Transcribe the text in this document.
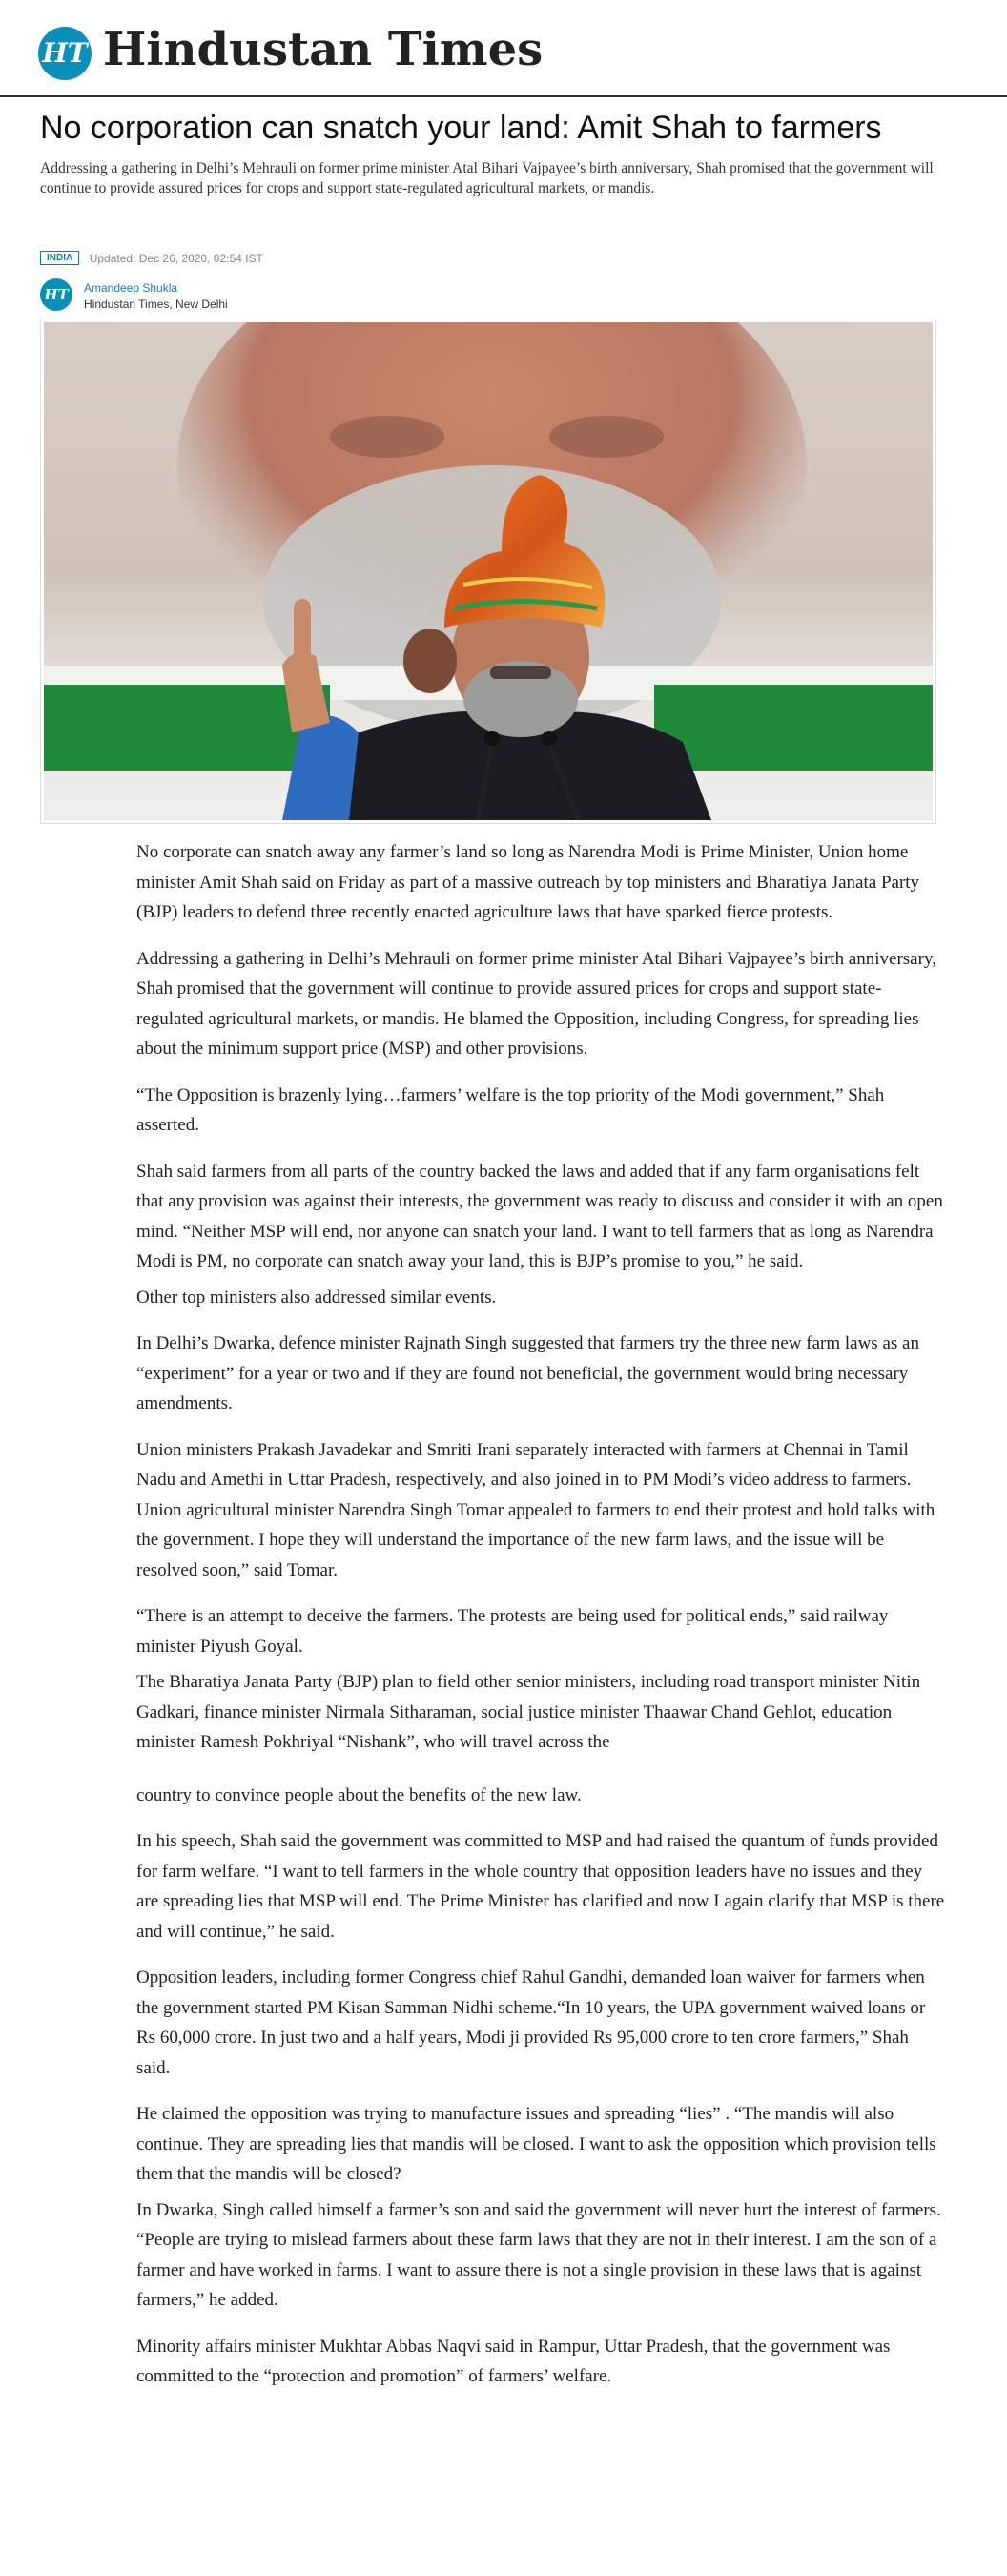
HT Hindustan Times
No corporation can snatch your land: Amit Shah to farmers

Addressing a gathering in Delhi’s Mehrauli on former prime minister Atal Bihari Vajpayee’s birth anniversary, Shah promised that the government will continue to provide assured prices for crops and support state-regulated agricultural markets, or mandis.

INDIA Updated: Dec 26, 2020, 02:54 IST
HT	Amandeep Shukla
Hindustan Times, New Delhi

No corporate can snatch away any farmer’s land so long as Narendra Modi is Prime Minister, Union home minister Amit Shah said on Friday as part of a massive outreach by top ministers and Bharatiya Janata Party (BJP) leaders to defend three recently enacted agriculture laws that have sparked fierce protests.

Addressing a gathering in Delhi’s Mehrauli on former prime minister Atal Bihari Vajpayee’s birth anniversary, Shah promised that the government will continue to provide assured prices for crops and support state-regulated agricultural markets, or mandis. He blamed the Opposition, including Congress, for spreading lies about the minimum support price (MSP) and other provisions.

“The Opposition is brazenly lying…farmers’ welfare is the top priority of the Modi government,” Shah asserted.

Shah said farmers from all parts of the country backed the laws and added that if any farm organisations felt that any provision was against their interests, the government was ready to discuss and consider it with an open mind. “Neither MSP will end, nor anyone can snatch your land. I want to tell farmers that as long as Narendra Modi is PM, no corporate can snatch away your land, this is BJP’s promise to you,” he said.

Other top ministers also addressed similar events.

In Delhi’s Dwarka, defence minister Rajnath Singh suggested that farmers try the three new farm laws as an “experiment” for a year or two and if they are found not beneficial, the government would bring necessary amendments.

Union ministers Prakash Javadekar and Smriti Irani separately interacted with farmers at Chennai in Tamil Nadu and Amethi in Uttar Pradesh, respectively, and also joined in to PM Modi’s video address to farmers. Union agricultural minister Narendra Singh Tomar appealed to farmers to end their protest and hold talks with the government. I hope they will understand the importance of the new farm laws, and the issue will be resolved soon,” said Tomar.

“There is an attempt to deceive the farmers. The protests are being used for political ends,” said railway minister Piyush Goyal.

The Bharatiya Janata Party (BJP) plan to field other senior ministers, including road transport minister Nitin Gadkari, finance minister Nirmala Sitharaman, social justice minister Thaawar Chand Gehlot, education minister Ramesh Pokhriyal “Nishank”, who will travel across the

country to convince people about the benefits of the new law.

In his speech, Shah said the government was committed to MSP and had raised the quantum of funds provided for farm welfare. “I want to tell farmers in the whole country that opposition leaders have no issues and they are spreading lies that MSP will end. The Prime Minister has clarified and now I again clarify that MSP is there and will continue,” he said.

Opposition leaders, including former Congress chief Rahul Gandhi, demanded loan waiver for farmers when the government started PM Kisan Samman Nidhi scheme.“In 10 years, the UPA government waived loans or Rs 60,000 crore. In just two and a half years, Modi ji provided Rs 95,000 crore to ten crore farmers,” Shah said.

He claimed the opposition was trying to manufacture issues and spreading “lies” . “The mandis will also continue. They are spreading lies that mandis will be closed. I want to ask the opposition which provision tells them that the mandis will be closed?

In Dwarka, Singh called himself a farmer’s son and said the government will never hurt the interest of farmers. “People are trying to mislead farmers about these farm laws that they are not in their interest. I am the son of a farmer and have worked in farms. I want to assure there is not a single provision in these laws that is against farmers,” he added.

Minority affairs minister Mukhtar Abbas Naqvi said in Rampur, Uttar Pradesh, that the government was committed to the “protection and promotion” of farmers’ welfare.
